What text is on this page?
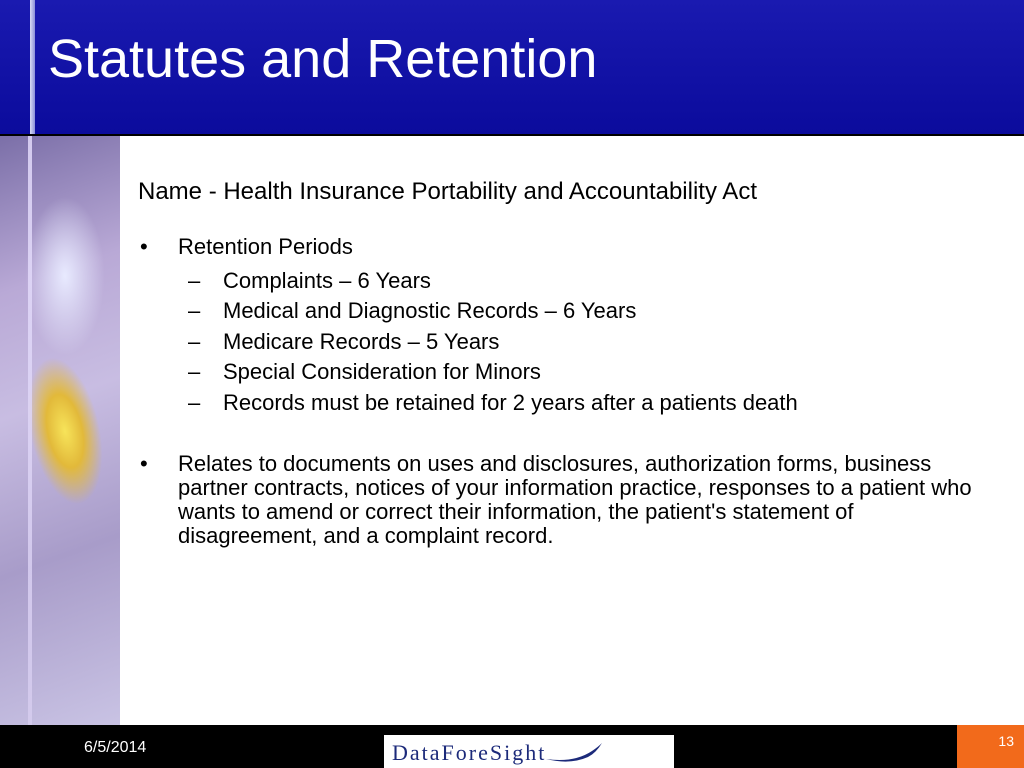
Statutes and Retention

Name - Health Insurance Portability and Accountability Act

• Retention Periods
– Complaints – 6 Years
– Medical and Diagnostic Records – 6 Years
– Medicare Records – 5 Years
– Special Consideration for Minors
– Records must be retained for 2 years after a patients death
• Relates to documents on uses and disclosures, authorization forms, business partner contracts, notices of your information practice, responses to a patient who wants to amend or correct their information, the patient's statement of disagreement, and a complaint record.
6/5/2014	DataForeSight	13
